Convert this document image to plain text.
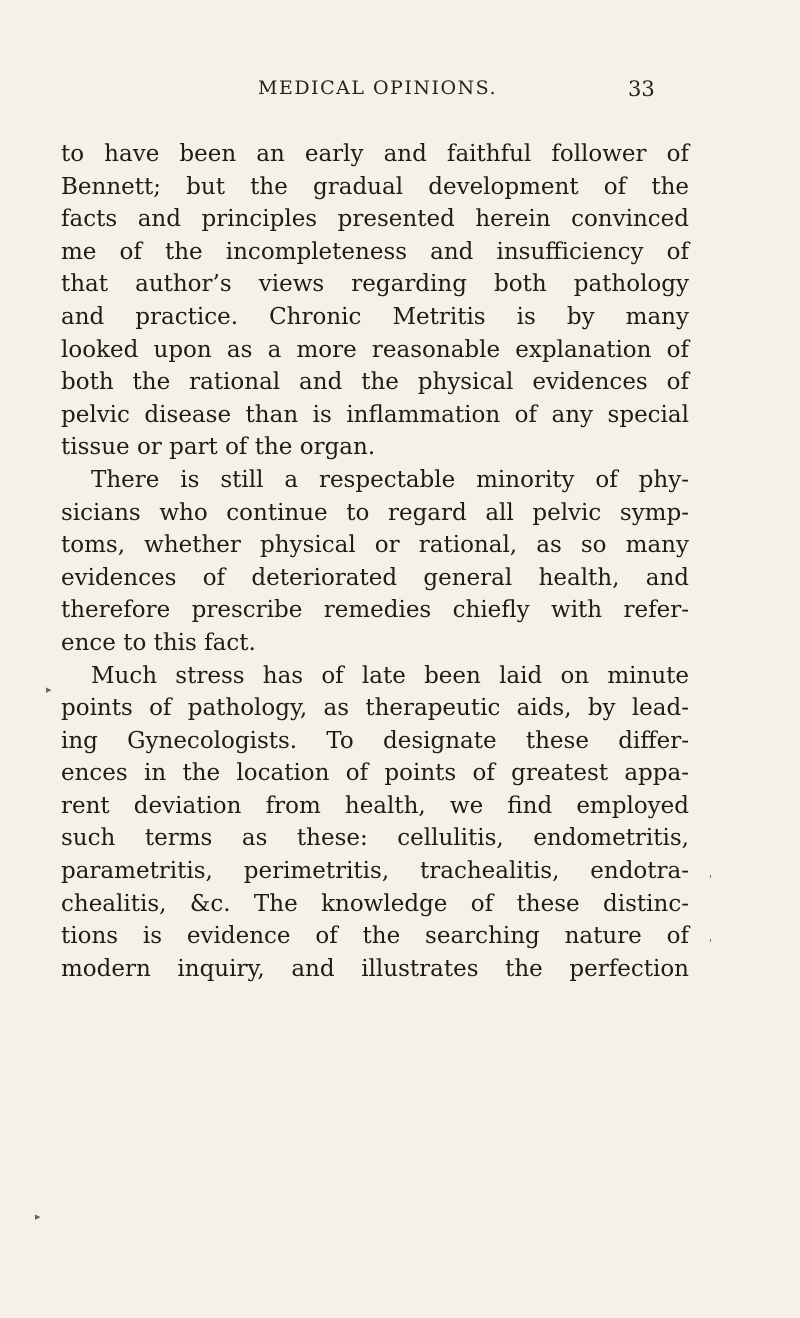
MEDICAL OPINIONS.	33
to have been an early and faithful follower of
Bennett; but the gradual development of the
facts and principles presented herein convinced
me of the incompleteness and insufficiency of
that author’s views regarding both pathology
and practice. Chronic Metritis is by many
looked upon as a more reasonable explanation of
both the rational and the physical evidences of
pelvic disease than is inflammation of any special
tissue or part of the organ.
There is still a respectable minority of phy-
sicians who continue to regard all pelvic symp-
toms, whether physical or rational, as so many
evidences of deteriorated general health, and
therefore prescribe remedies chiefly with refer-
ence to this fact.
Much stress has of late been laid on minute
points of pathology, as therapeutic aids, by lead-
ing Gynecologists. To designate these differ-
ences in the location of points of greatest appa-
rent deviation from health, we find employed
such terms as these: cellulitis, endometritis,
parametritis, perimetritis, trachealitis, endotra-
chealitis, &c. The knowledge of these distinc-
tions is evidence of the searching nature of
modern inquiry, and illustrates the perfection
▸
'
'
▸
